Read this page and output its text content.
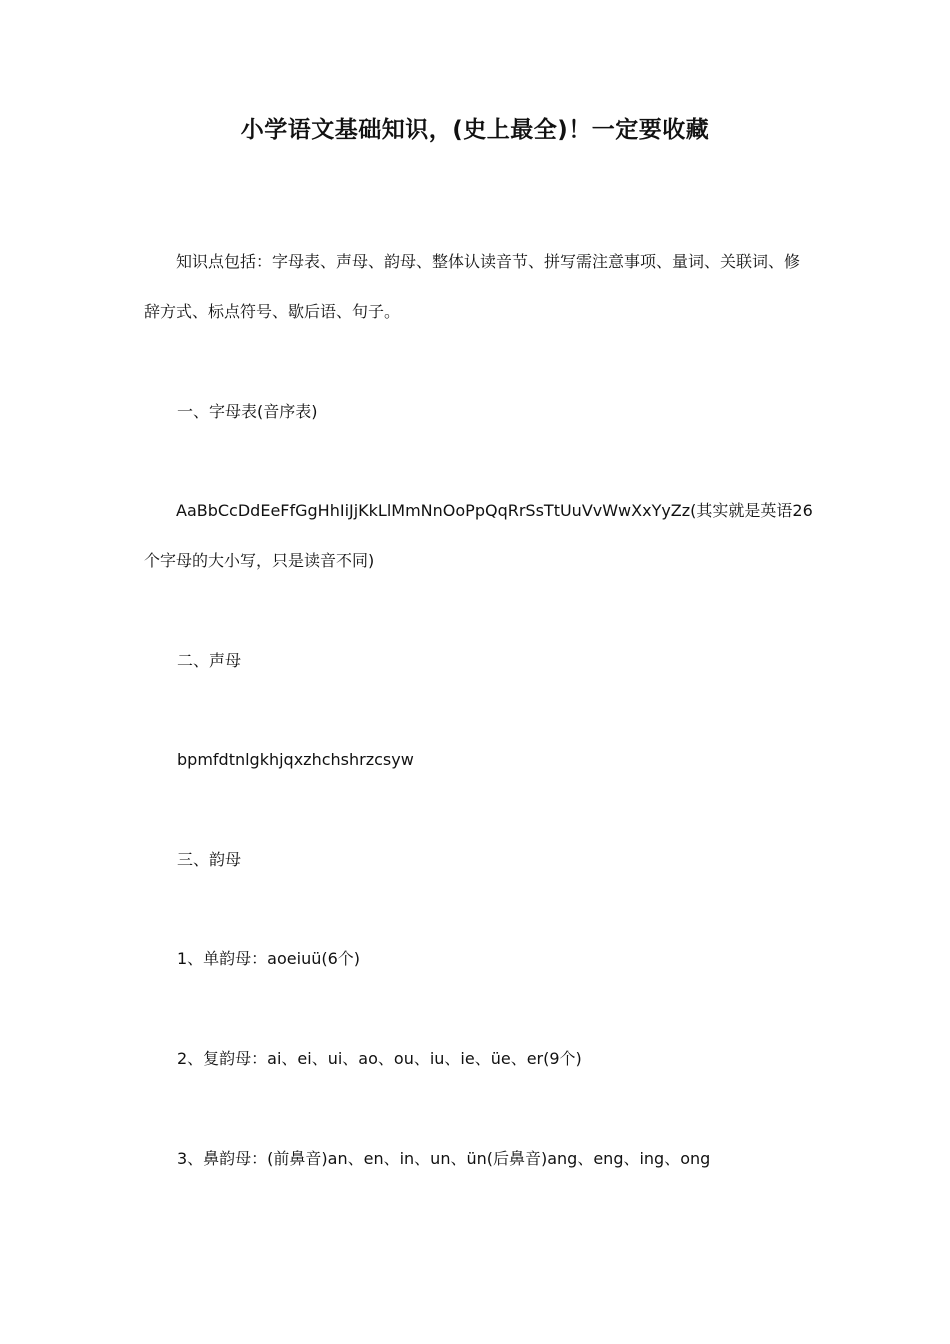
小学语文基础知识，(史上最全)！一定要收藏

知识点包括：字母表、声母、韵母、整体认读音节、拼写需注意事项、量词、关联词、修辞方式、标点符号、歇后语、句子。

一、字母表(音序表)

AaBbCcDdEeFfGgHhIiJjKkLlMmNnOoPpQqRrSsTtUuVvWwXxYyZz(其实就是英语26个字母的大小写，只是读音不同)

二、声母
bpmfdtnlgkhjqxzhchshrzcsyw
三、韵母
1、单韵母：aoeiuü(6个)
2、复韵母：ai、ei、ui、ao、ou、iu、ie、üe、er(9个)
3、鼻韵母：(前鼻音)an、en、in、un、ün(后鼻音)ang、eng、ing、ong
